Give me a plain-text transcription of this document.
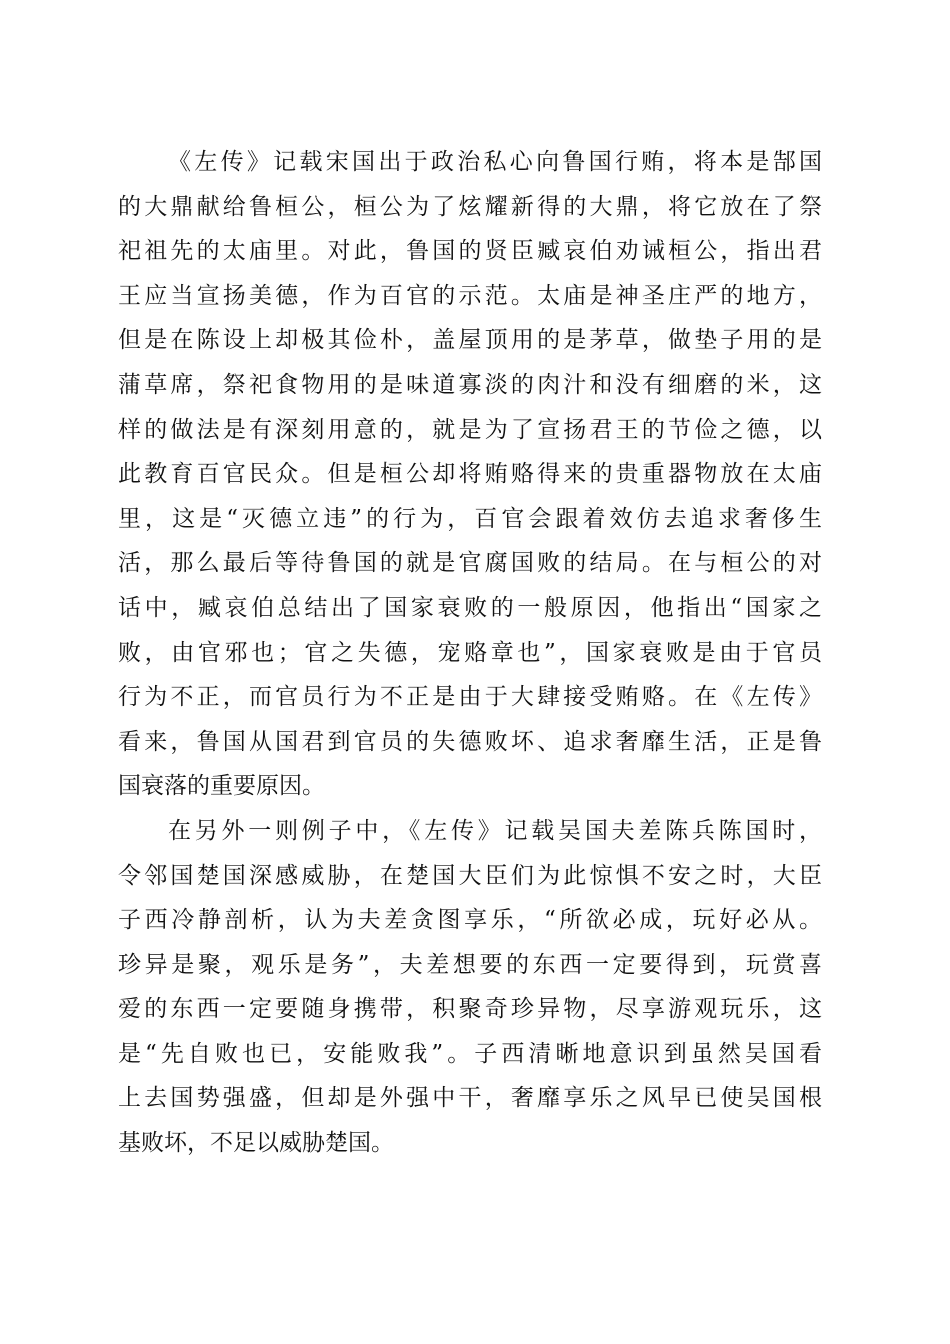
《左传》记载宋国出于政治私心向鲁国行贿，将本是郜国
的大鼎献给鲁桓公，桓公为了炫耀新得的大鼎，将它放在了祭
祀祖先的太庙里。对此，鲁国的贤臣臧哀伯劝诫桓公，指出君
王应当宣扬美德，作为百官的示范。太庙是神圣庄严的地方，
但是在陈设上却极其俭朴，盖屋顶用的是茅草，做垫子用的是
蒲草席，祭祀食物用的是味道寡淡的肉汁和没有细磨的米，这
样的做法是有深刻用意的，就是为了宣扬君王的节俭之德，以
此教育百官民众。但是桓公却将贿赂得来的贵重器物放在太庙
里，这是“灭德立违”的行为，百官会跟着效仿去追求奢侈生
活，那么最后等待鲁国的就是官腐国败的结局。在与桓公的对
话中，臧哀伯总结出了国家衰败的一般原因，他指出“国家之
败，由官邪也；官之失德，宠赂章也”，国家衰败是由于官员
行为不正，而官员行为不正是由于大肆接受贿赂。在《左传》
看来，鲁国从国君到官员的失德败坏、追求奢靡生活，正是鲁
国衰落的重要原因。
在另外一则例子中，《左传》记载吴国夫差陈兵陈国时，
令邻国楚国深感威胁，在楚国大臣们为此惊惧不安之时，大臣
子西冷静剖析，认为夫差贪图享乐，“所欲必成，玩好必从。
珍异是聚，观乐是务”，夫差想要的东西一定要得到，玩赏喜
爱的东西一定要随身携带，积聚奇珍异物，尽享游观玩乐，这
是“先自败也已，安能败我”。子西清晰地意识到虽然吴国看
上去国势强盛，但却是外强中干，奢靡享乐之风早已使吴国根
基败坏，不足以威胁楚国。
